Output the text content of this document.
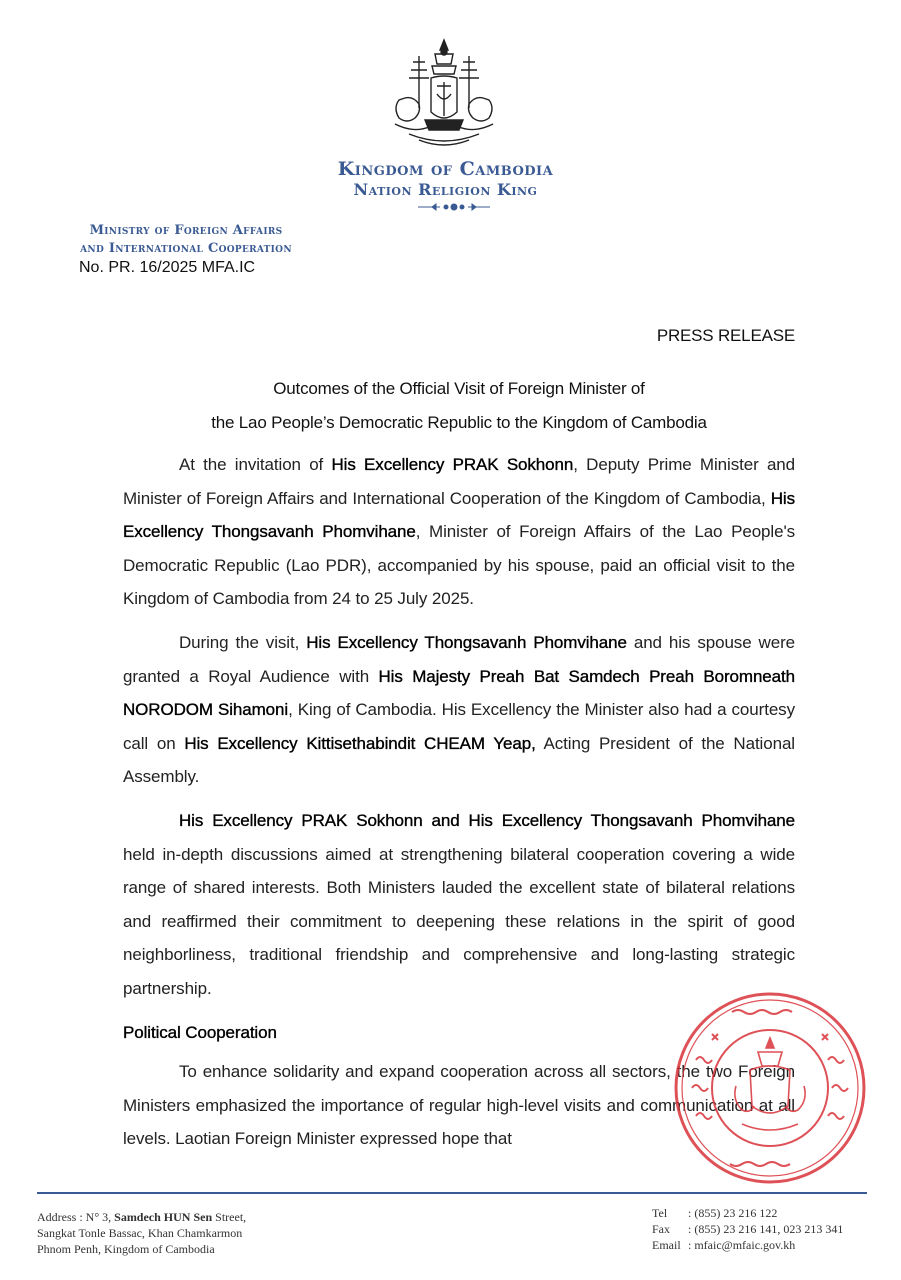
Kingdom of Cambodia
Nation Religion King
Ministry of Foreign Affairs
and International Cooperation
No. PR. 16/2025 MFA.IC
PRESS RELEASE
Outcomes of the Official Visit of Foreign Minister of
the Lao People’s Democratic Republic to the Kingdom of Cambodia

At the invitation of His Excellency PRAK Sokhonn, Deputy Prime Minister and Minister of Foreign Affairs and International Cooperation of the Kingdom of Cambodia, His Excellency Thongsavanh Phomvihane, Minister of Foreign Affairs of the Lao People's Democratic Republic (Lao PDR), accompanied by his spouse, paid an official visit to the Kingdom of Cambodia from 24 to 25 July 2025.

During the visit, His Excellency Thongsavanh Phomvihane and his spouse were granted a Royal Audience with His Majesty Preah Bat Samdech Preah Boromneath NORODOM Sihamoni, King of Cambodia. His Excellency the Minister also had a courtesy call on His Excellency Kittisethabindit CHEAM Yeap, Acting President of the National Assembly.

His Excellency PRAK Sokhonn and His Excellency Thongsavanh Phomvihane held in-depth discussions aimed at strengthening bilateral cooperation covering a wide range of shared interests. Both Ministers lauded the excellent state of bilateral relations and reaffirmed their commitment to deepening these relations in the spirit of good neighborliness, traditional friendship and comprehensive and long-lasting strategic partnership.

Political Cooperation

To enhance solidarity and expand cooperation across all sectors, the two Foreign Ministers emphasized the importance of regular high-level visits and communication at all levels. Laotian Foreign Minister expressed hope that

Address : N° 3, Samdech HUN Sen Street,
Sangkat Tonle Bassac, Khan Chamkarmon
Phnom Penh, Kingdom of Cambodia
Tel : (855) 23 216 122
Fax : (855) 23 216 141, 023 213 341
Email : mfaic@mfaic.gov.kh
